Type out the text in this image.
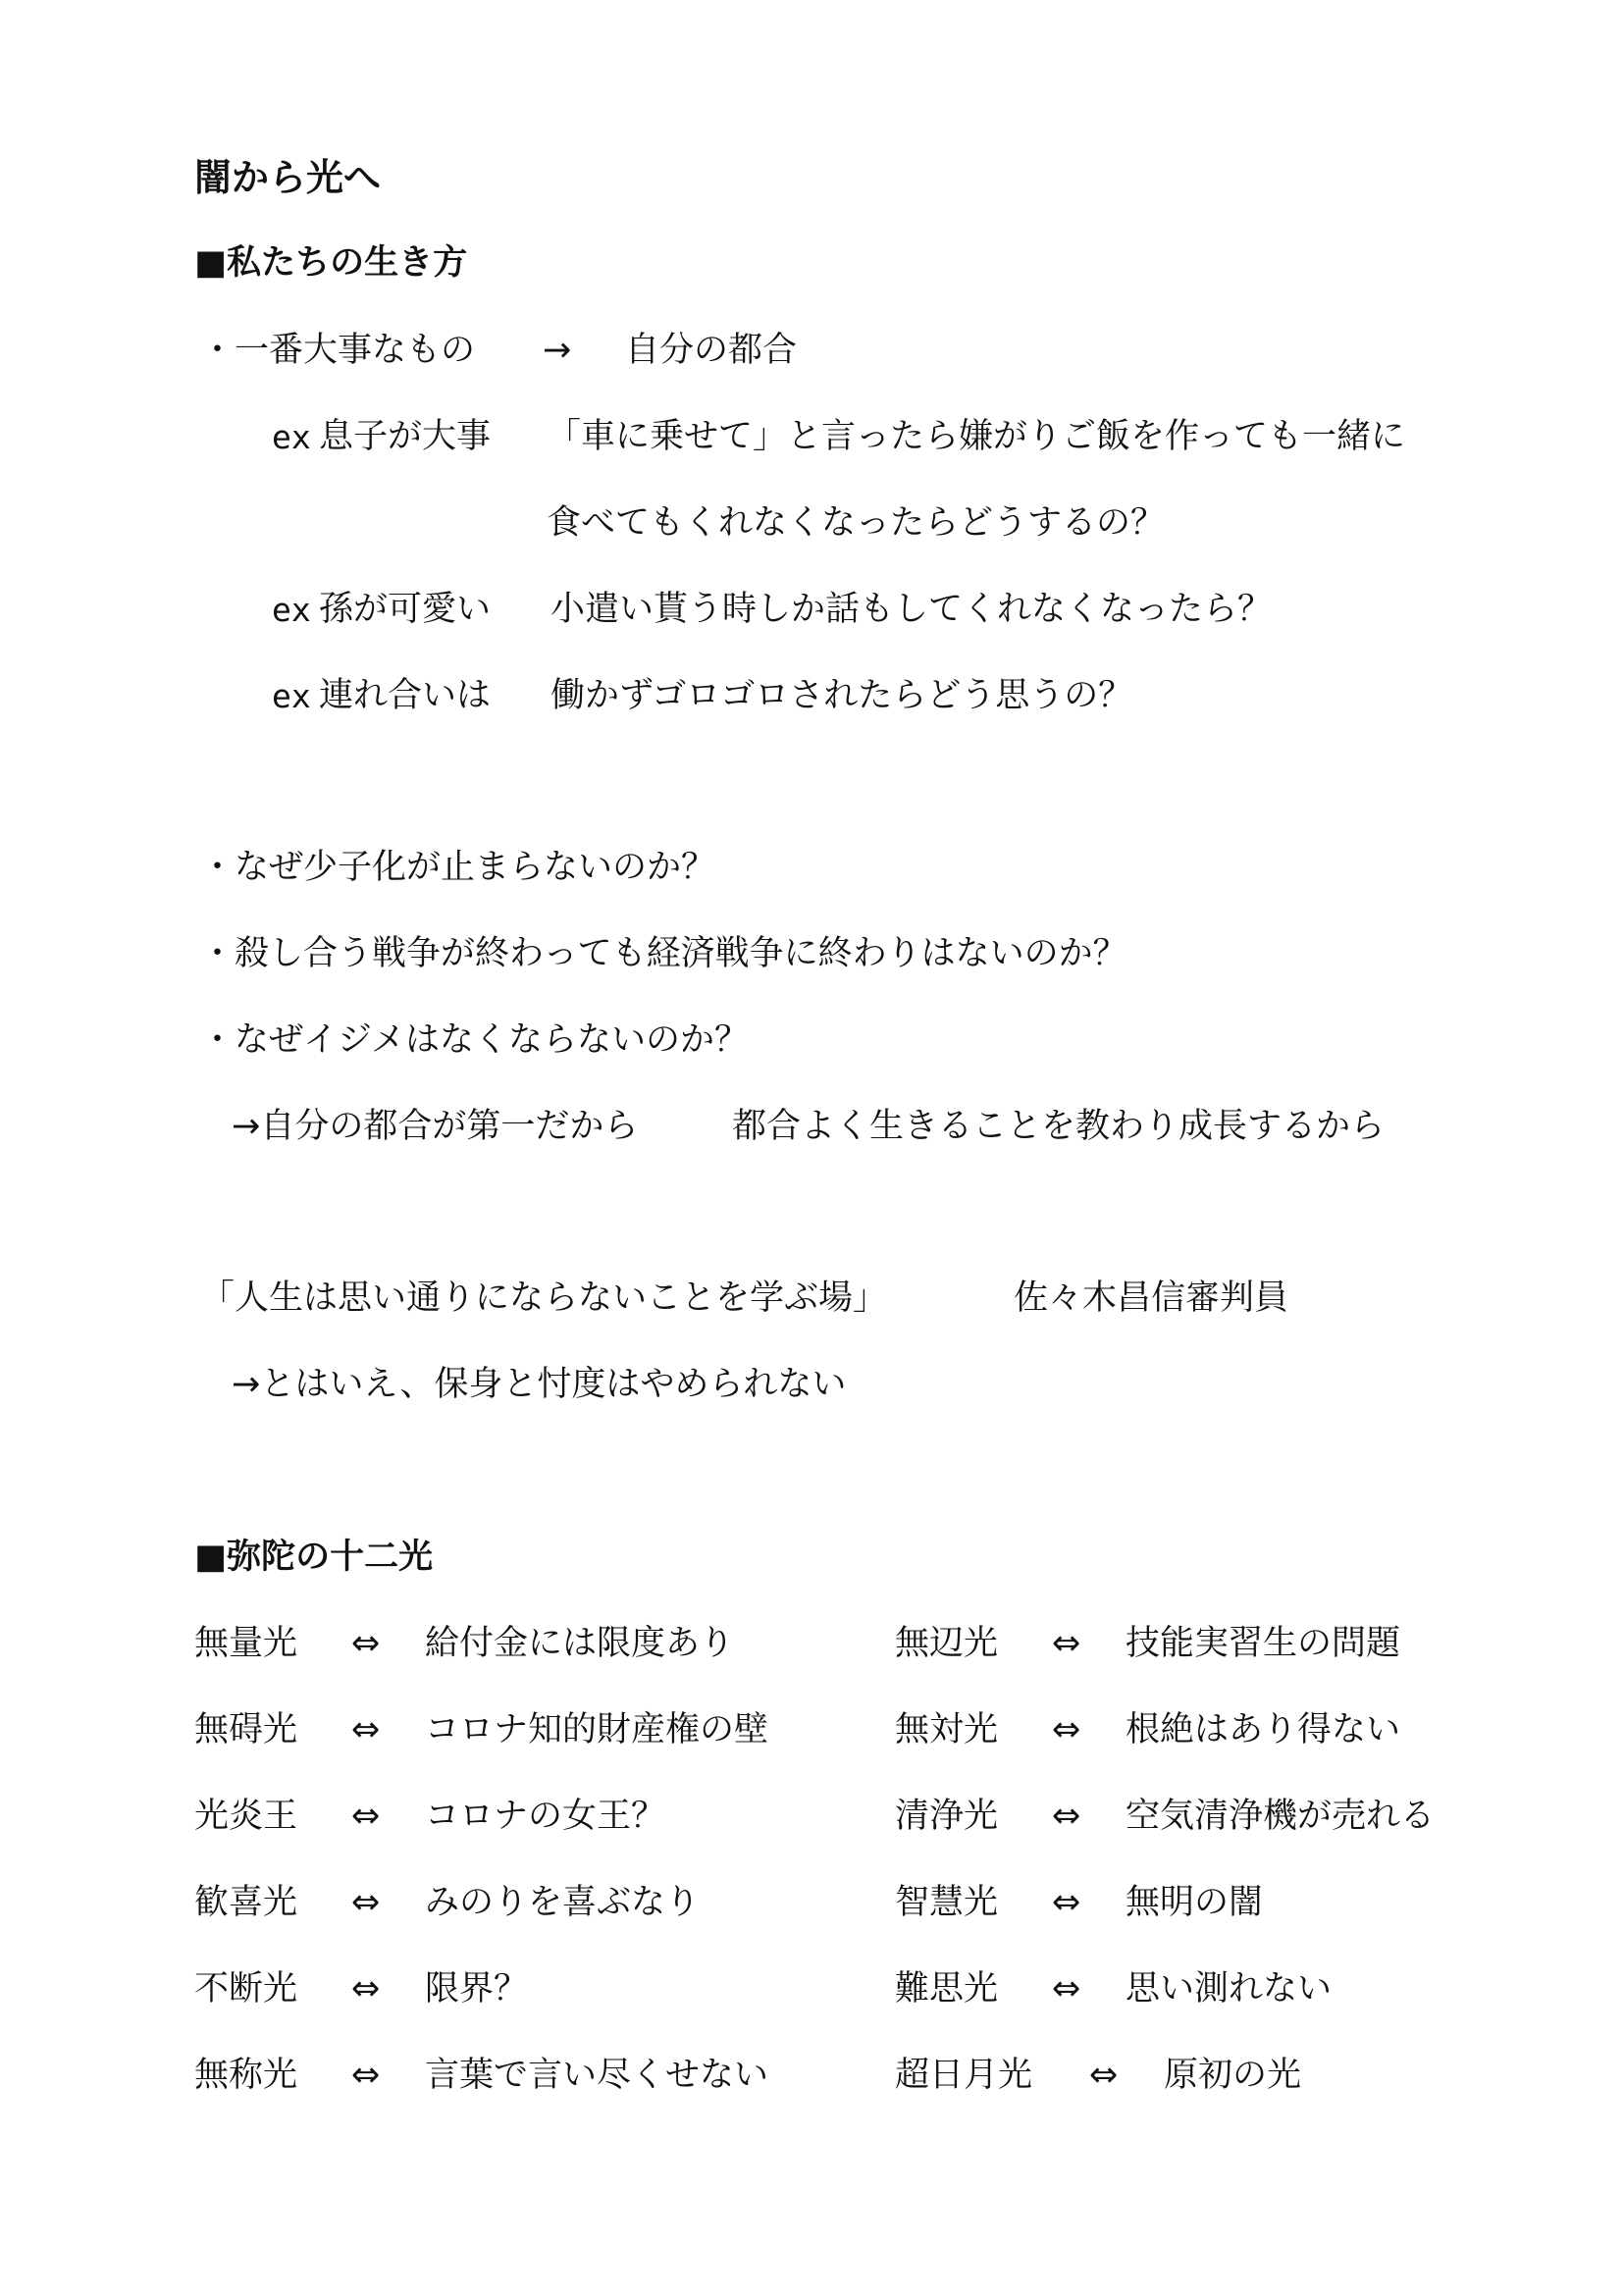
闇から光へ
■私たちの生き方
・一番大事なもの → 自分の都合
ex 息子が大事 「車に乗せて」と言ったら嫌がりご飯を作っても一緒に
食べてもくれなくなったらどうするの？
ex 孫が可愛い 小遣い貰う時しか話もしてくれなくなったら？
ex 連れ合いは 働かずゴロゴロされたらどう思うの？
・なぜ少子化が止まらないのか？
・殺し合う戦争が終わっても経済戦争に終わりはないのか？
・なぜイジメはなくならないのか？
→自分の都合が第一だから	都合よく生きることを教わり成長するから
「人生は思い通りにならないことを学ぶ場」	佐々木昌信審判員
→とはいえ、保身と忖度はやめられない
■弥陀の十二光
無量光 ⇔ 給付金には限度あり	無辺光 ⇔ 技能実習生の問題
無碍光 ⇔ コロナ知的財産権の壁	無対光 ⇔ 根絶はあり得ない
光炎王 ⇔ コロナの女王？	清浄光 ⇔ 空気清浄機が売れる
歓喜光 ⇔ みのりを喜ぶなり	智慧光 ⇔ 無明の闇
不断光 ⇔ 限界？	難思光 ⇔ 思い測れない
無称光 ⇔ 言葉で言い尽くせない	超日月光 ⇔ 原初の光
